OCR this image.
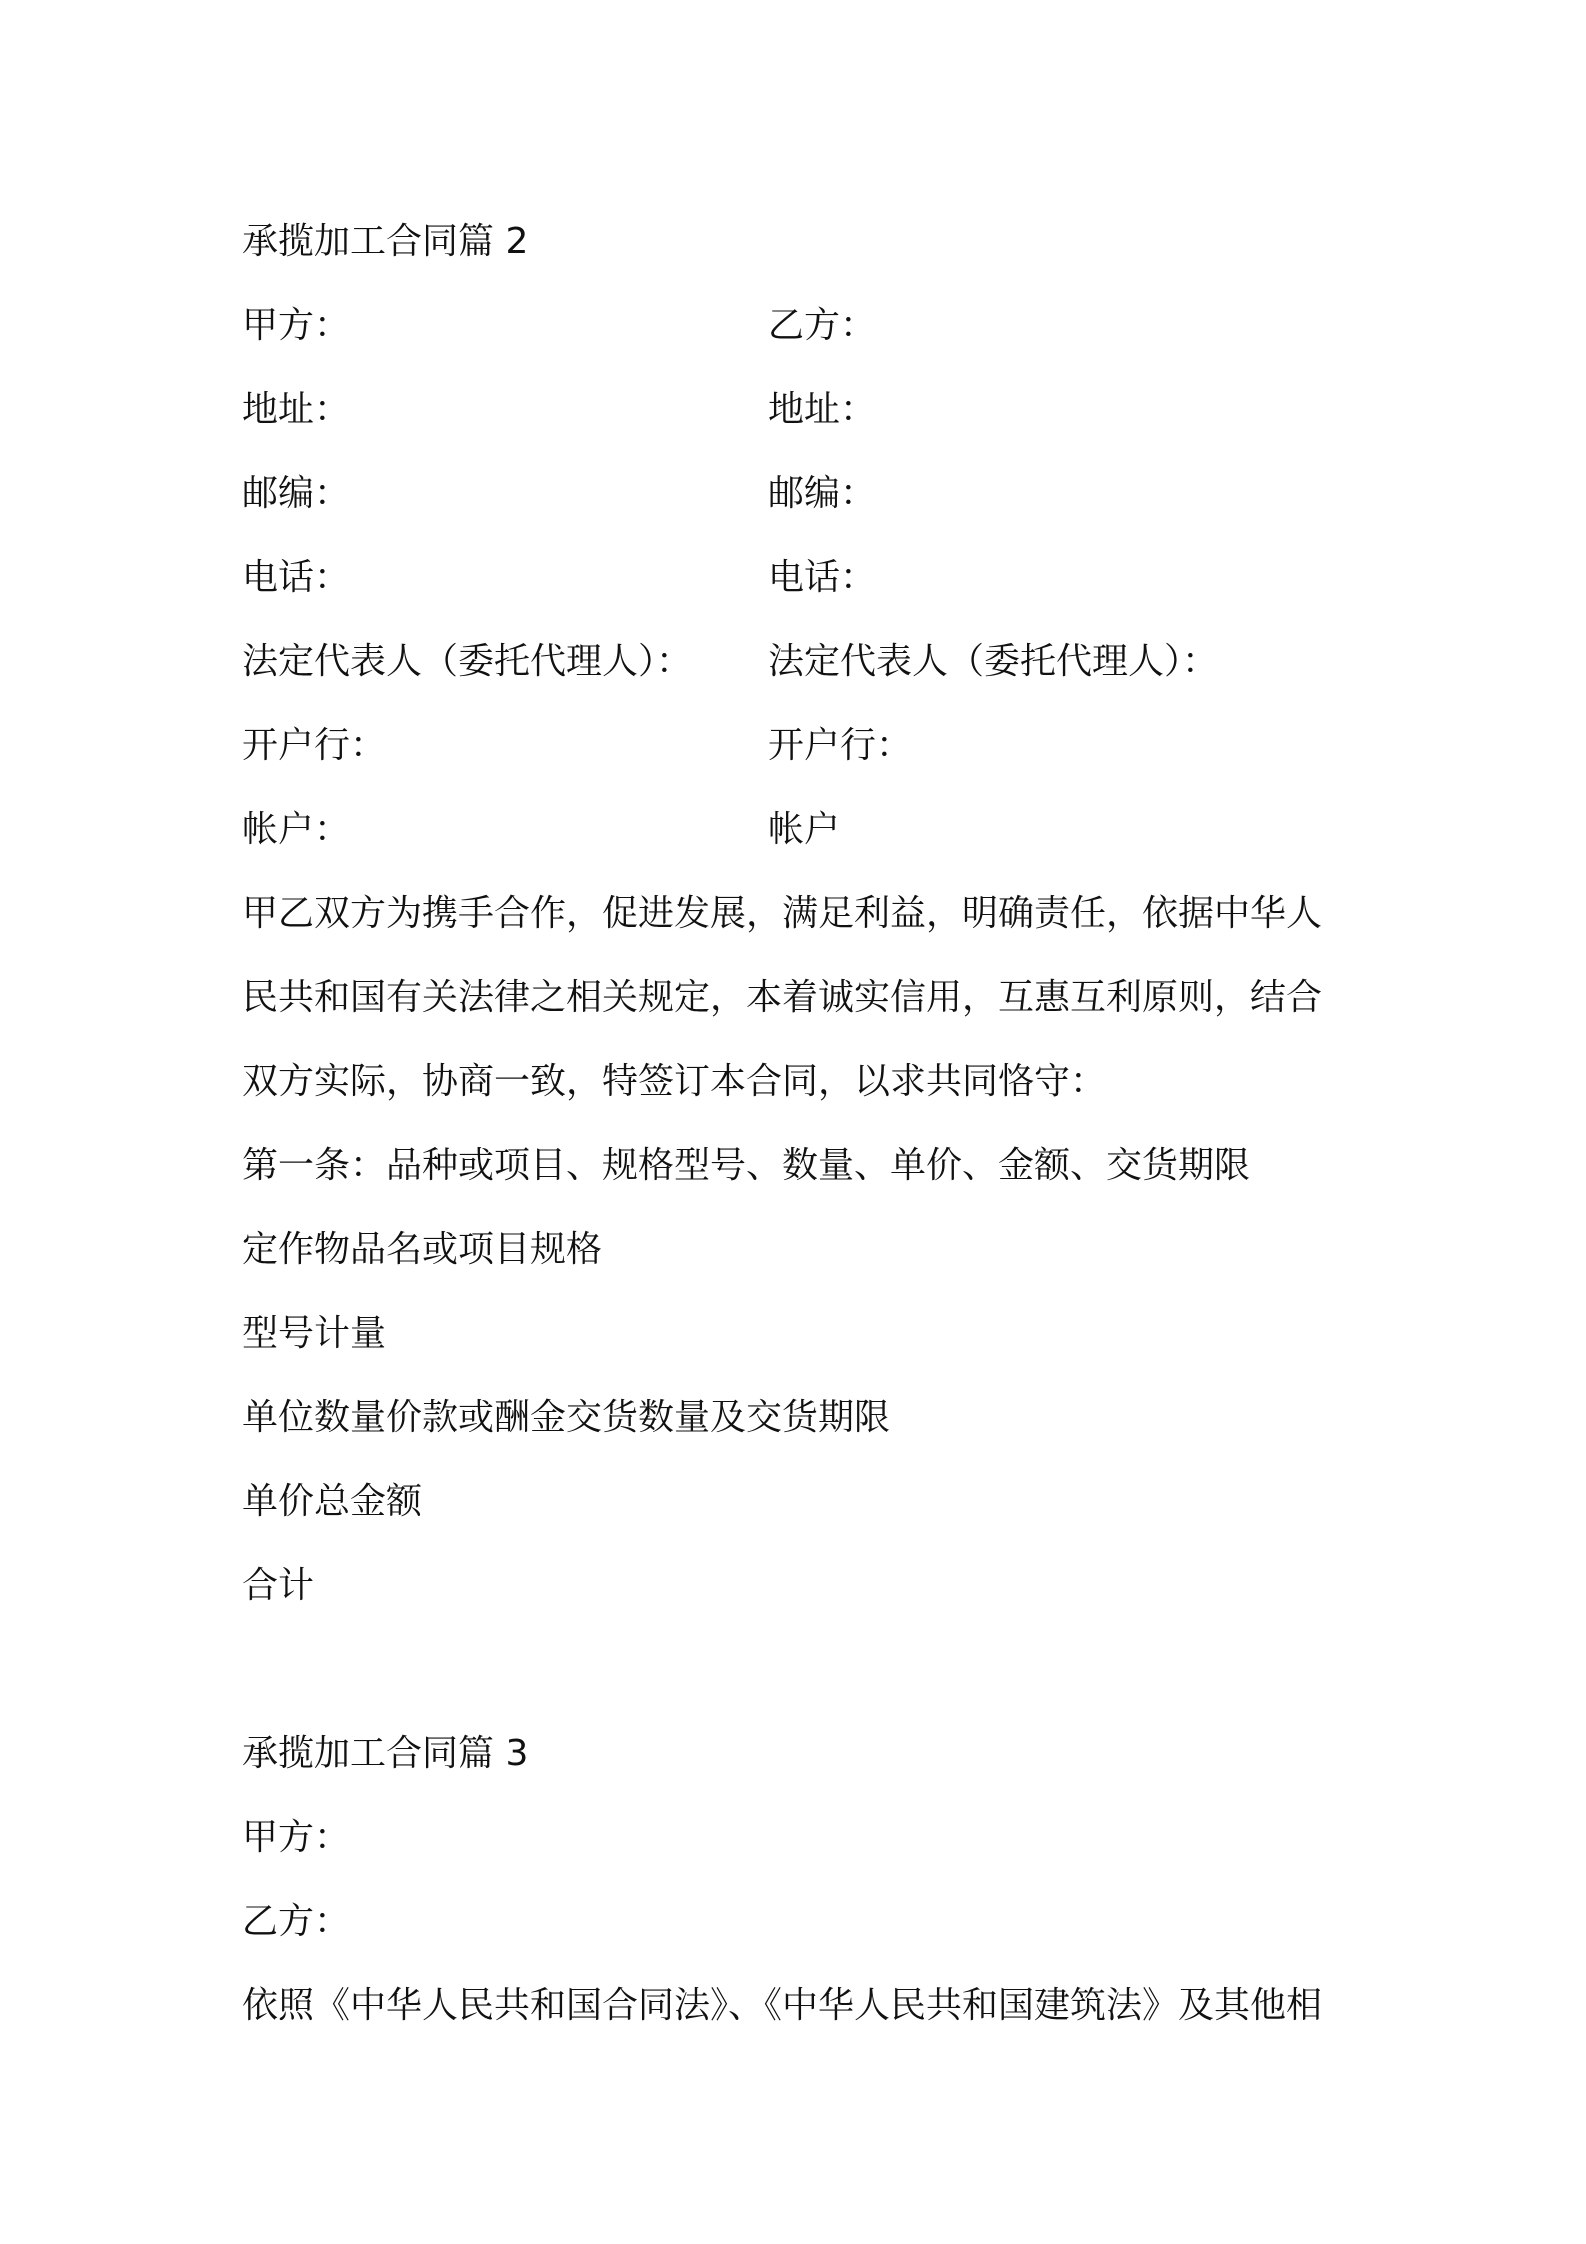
承揽加工合同篇 2

甲方：	乙方：
地址：	地址：
邮编：	邮编：
电话：	电话：
法定代表人（委托代理人）：	法定代表人（委托代理人）：
开户行：	开户行：
帐户：	帐户

甲乙双方为携手合作，促进发展，满足利益，明确责任，依据中华人

民共和国有关法律之相关规定，本着诚实信用，互惠互利原则，结合

双方实际，协商一致，特签订本合同，以求共同恪守：

第一条：品种或项目、规格型号、数量、单价、金额、交货期限

定作物品名或项目规格

型号计量

单位数量价款或酬金交货数量及交货期限

单价总金额

合计

承揽加工合同篇 3

甲方：

乙方：

依照《中华人民共和国合同法》、《中华人民共和国建筑法》及其他相
